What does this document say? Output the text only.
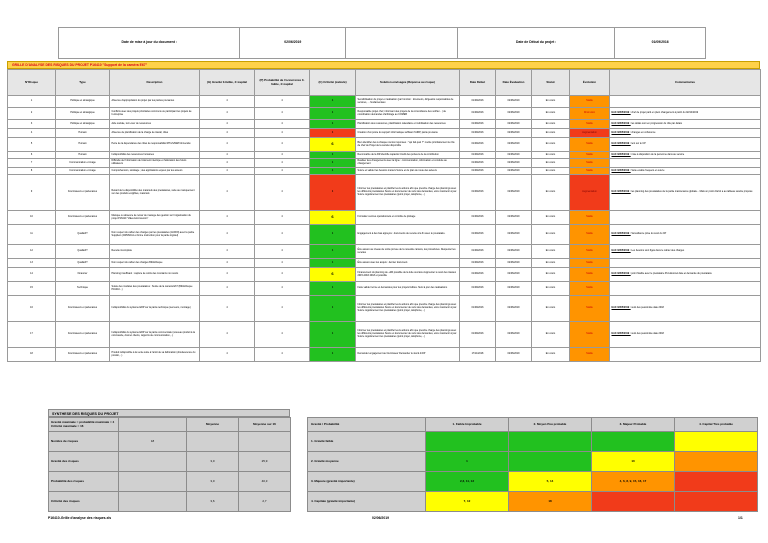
Date de mise à jour du document :	02/06/2019		Date de Début du projet :	01/09/2016
GRILLE D'ANALYSE DES RISQUES DU PROJET P16410 "Support de la caméra E67"
N°Risque	Type	Description	(G) Gravité 0-faible, 4=capital	(P) Probabilité de l'occurrence 0-faible, 4=capital	(C) Criticité (calculé)	Solution envisagée (Réponse au risque)	Date Début	Date Évaluation	Statut	Évolution	Commentaires
1	Politique et stratégique	Absence d'appropriation du projet par les parties prenantes	4	4	1	Sensibilisation du projet et réalisation (par fonction : directeurs, dirigeants responsables de services, ... fondamentaux.	01/09/2016	02/06/2019	En cours	Stable	
2	Politique et stratégique	Conflicts avec des projets prioritaires communs ou participant les projets de l'entreprise	4	4	1	Responsable projet chef, informant des projets de la concordance des vérifier... | de coordination demandes d'arbitrage au COMEB	01/09/2016	02/06/2019	En cours	Diminution	EAC 02/05/2019 : chef de projet parti en plein changement à partir du 02/10/2019
3	Politique et stratégique	Aide sociale, turn-over de ressources	4	4	1	Planification des ressources, planification calendaire et mobilisation des ressources	01/09/2016	02/06/2019	En cours	Stable	EAC 02/05/2019 : les délais sont en progression du rôle par délais
4	Humain	Absence de planification de la charge de travail, rôles	4	4	1	Création d'un poste du support informatique suffisant l'AIRP, partie prenante	01/09/2016	02/06/2019	En cours	Augmentation	EAC 02/05/2019 : changes en cohérence
5	Humain	Perte de la dépendance des rôles de responsabilité RH/LS/NEP/Université	4	4	6	Bien identifier des à chaque réunion réponses : "qui fait quoi ?" mettre prioritairement le rôle de chef de Projet de la société disponible	01/09/2016	02/06/2019	En cours	Stable	EAC 02/05/2019 : lent sur le CP
6	Humain	Indisponibilité des ressources humaines	4	4	1	Reconnaître de la DR identifie capacité Crédit des porteurs de la contribution	01/09/2016	02/06/2019	En cours	Stable	EAC 02/05/2019 : mise à disposition de la personne dans au service
7	Communication et image	Difficulté de l'information de l'élément interlope et l'allocation des futurs utilisateurs	4	4	1	Réaliser des changements avec la ligne : communication, information et conduire au changement	01/09/2016	02/06/2019	En cours	Stable	
8	Communication et image	Compréhension, stockage ; des applications enjeux par les acteurs	4	4	1	Suivre et valider les besoins métiers Suivre et du plan de route des acteurs	01/09/2016	02/06/2019	En cours	Stable	EAC 02/05/2019 : Suite enable frequent en suivre
9	Fournisseurs et partenaires	Retard de la disponibilité des matériels des prestataires, suite au manquement sur des produits exigibles, matériels	4	4	1	Informer les prestataires et planifier leurs actions afin que prendre charge des plannings avec les différents prestataires Suivre et documenter de suivi des demandes, et/ou maintenir à jour. Suivre régulièrement les prestataires (point projet, téléphone,...)	01/09/2016	02/06/2019	En cours	Augmentation	EAC 02/05/2019 : les planning des prestataires de la partie maintenance globale... Mais un point d'arrêt a au tableau suscite proposé
10	Fournisseurs et partenaires	Manque ou absence de retour de manège des gestion sur l'organisation du projet P16410 "Valeurs/connexion"	4	4	6	Formalier centres opérationnels et contrôle de pilotage	01/09/2016	02/06/2019	En cours	Stable	
11	Qualité/IT	Non respect du cahier des charges par les prestataires (ACRIN) avec la partie Suppliers (CRMS/CA et forme instruction pour la partie logiciel)	4	4	1	Engagement à des bas appuyés : documents de recette à la fin avec le prestataire.	01/09/2016	02/06/2019	En cours	Stable	EAC 02/05/2019 : Surveillance prise du suivi du CP
12	Qualité/IT	Recette incomplète	4	4	1	Être assuré au niveau de sortie prévue de la nouvelle caméra, les procédures. Respecter les recettes	01/09/2016	02/06/2019	En cours	Stable	EAC 02/05/2019 : Les besoins sont figés dans le cahier des charges
13	Qualité/IT	Non respect du cahier des charges Bibliothèque	4	4	1	Être assuré avec les acquis : dernier document.	01/09/2016	02/06/2019	En cours	Stable	
14	Financier	Planning insuffisant : capture de coûts des montants non suivis	4	4	6	Financement du planning de +2M possible de la lutte ouvrière Augmenter le suivi des travaux 2015-2016 2018 et possible	01/09/2016	02/06/2019	En cours	Stable	EAC 02/05/2019 : point fixable avec le prestataire Prévisionnel date et demande du prestataire
15	Technique	Suivie des modèles des prestataires : Suivie de la caméra E67 (Bibliothèque P16410...)	4	4	1	Faire valider terme et demandes pour les projets lisibles. Suivi à jour des réalisations	01/09/2016	02/06/2019	En cours	Stable	
16	Fournisseurs et partenaires	Indisponibilité du système ERP sur la partie technique (serveurs, montage)	4	4	1	Informer les prestataires et planifier leurs actions afin que prendre charge des plannings avec les différents prestataires Suivre et documenter de suivi des demandes, et/ou maintenir à jour. Suivre régulièrement les prestataires (point projet, téléphone,...)	01/09/2016	02/06/2019	En cours	Stable	EAC 02/05/2019 : suivi des pessimiste date 2018
17	Fournisseurs et partenaires	Indisponibilité du système ERP sur la partie commerciale (nouveau produit à la commande, donner clients, rapports de communication,...)	4	4	1	Informer les prestataires et planifier leurs actions afin que prendre charge des plannings avec les différents prestataires Suivre et documenter de suivi des demandes, et/ou maintenir à jour. Suivre régulièrement les prestataires (point projet, téléphone,...)	01/09/2016	02/06/2019	En cours	Stable	EAC 02/05/2019 : suivi des pessimiste date 2018
18	Fournisseurs et partenaires	Produit indisponible à la vente suite à l'arrêt de sa fabrication (obsolescence du produit,...)	4	4	1	Demander engagement au fournisseur Demander le stock d'AIP	17/11/2018	02/06/2019	En cours	Stable	
SYNTHESE DES RISQUES DU PROJET
Gravité maximale = probabilité maximale = 4 Criticité maximale = 16		Moyenne	Moyenne sur 16
Nombre de risques	18		
Gravité des risques		3,0	25,9
Probabilité des risques		3,0	40,3
Criticité des risques		3,6	2,7
Gravité / Probabilité	1. Faible Improbable	2. Moyen Peu probable	3. Majeur Probable	4. Capital Très probable
1. Gravité faible				
2. Gravité moyenne	1		10	
3. Majeure (gravité importante)	2,3, 11, 13	5, 14	4, 6, 8, 9, 15, 16, 17	
4. Capitale (gravité importante)	7, 12	18		
P16410-Grille d'analyse des risques.xls	02/06/2019	1/1
